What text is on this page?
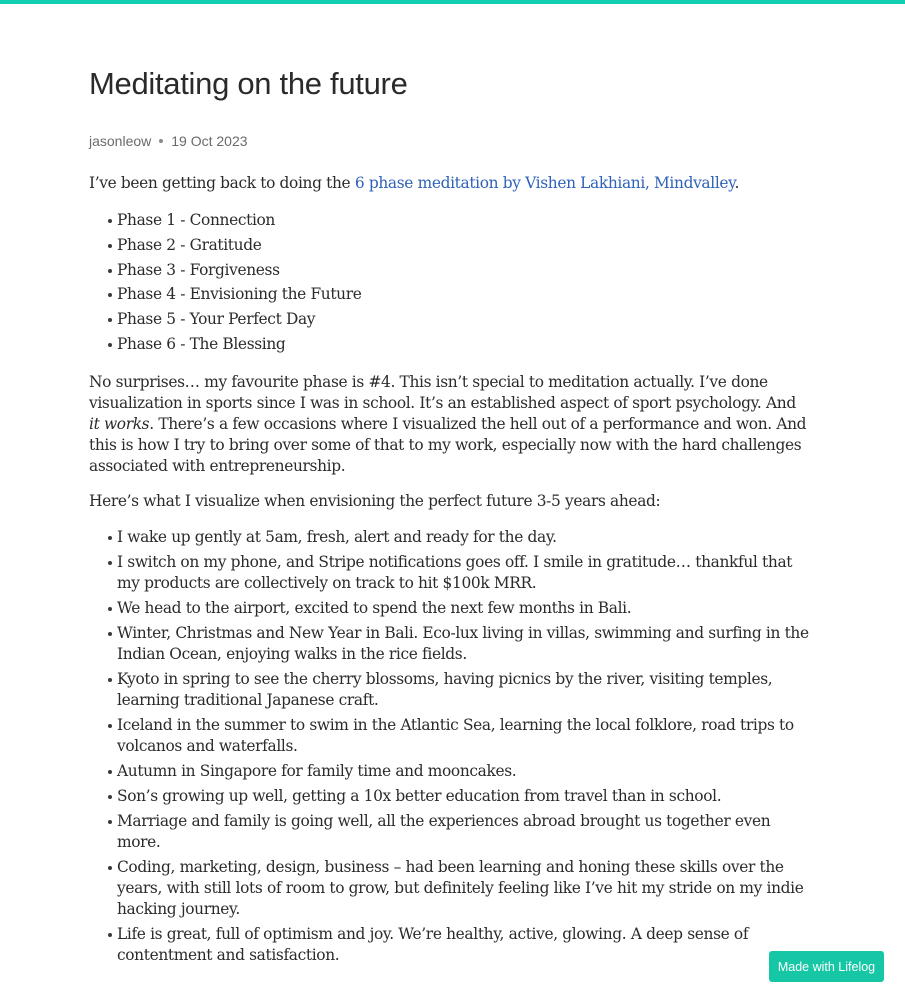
Meditating on the future
jasonleow 19 Oct 2023

I’ve been getting back to doing the 6 phase meditation by Vishen Lakhiani, Mindvalley.

Phase 1 - Connection
Phase 2 - Gratitude
Phase 3 - Forgiveness
Phase 4 - Envisioning the Future
Phase 5 - Your Perfect Day
Phase 6 - The Blessing

No surprises… my favourite phase is #4. This isn’t special to meditation actually. I’ve done visualization in sports since I was in school. It’s an established aspect of sport psychology. And it works. There’s a few occasions where I visualized the hell out of a performance and won. And this is how I try to bring over some of that to my work, especially now with the hard challenges associated with entrepreneurship.

Here’s what I visualize when envisioning the perfect future 3-5 years ahead:

I wake up gently at 5am, fresh, alert and ready for the day.
I switch on my phone, and Stripe notifications goes off. I smile in gratitude… thankful that my products are collectively on track to hit $100k MRR.
We head to the airport, excited to spend the next few months in Bali.
Winter, Christmas and New Year in Bali. Eco-lux living in villas, swimming and surfing in the Indian Ocean, enjoying walks in the rice fields.
Kyoto in spring to see the cherry blossoms, having picnics by the river, visiting temples, learning traditional Japanese craft.
Iceland in the summer to swim in the Atlantic Sea, learning the local folklore, road trips to volcanos and waterfalls.
Autumn in Singapore for family time and mooncakes.
Son’s growing up well, getting a 10x better education from travel than in school.
Marriage and family is going well, all the experiences abroad brought us together even more.
Coding, marketing, design, business – had been learning and honing these skills over the years, with still lots of room to grow, but definitely feeling like I’ve hit my stride on my indie hacking journey.
Life is great, full of optimism and joy. We’re healthy, active, glowing. A deep sense of contentment and satisfaction.
Made with Lifelog
